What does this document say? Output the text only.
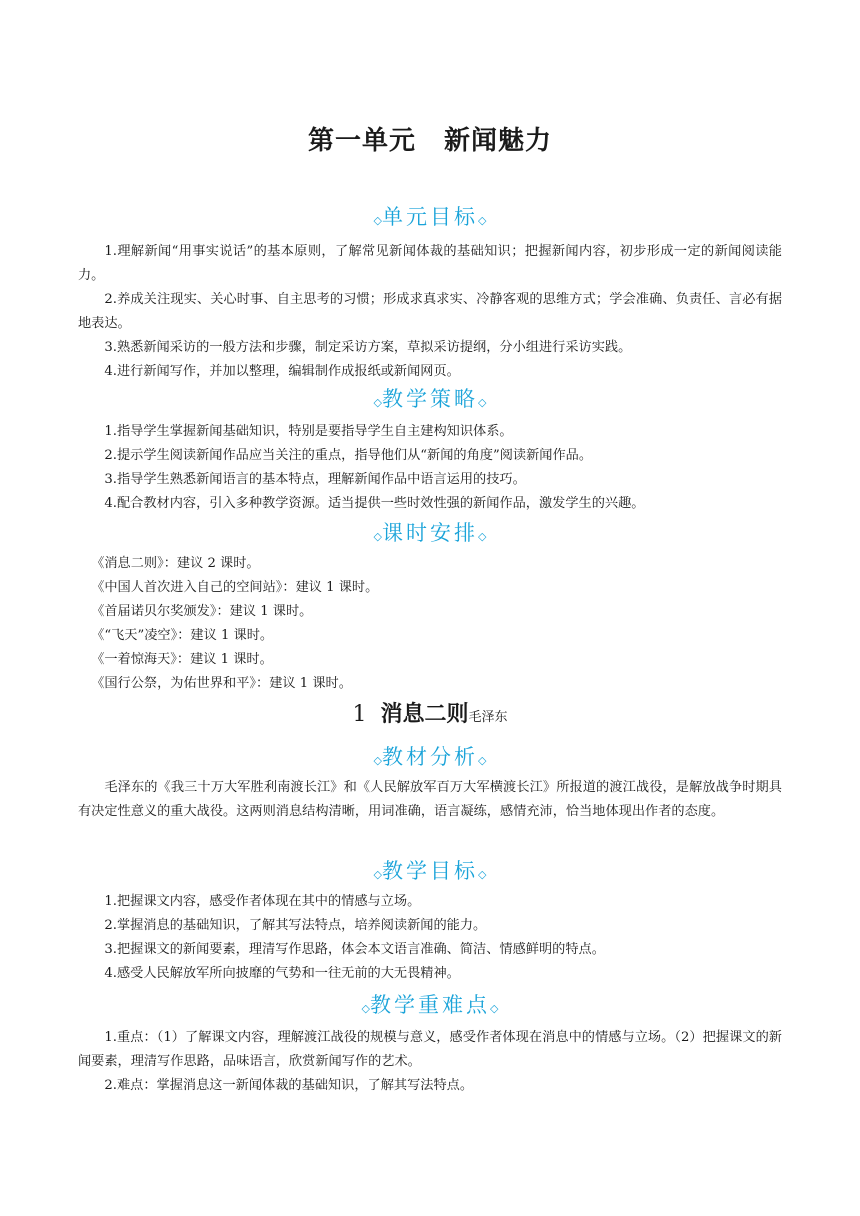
第一单元 新闻魅力
◇单元目标◇

1.理解新闻“用事实说话”的基本原则，了解常见新闻体裁的基础知识；把握新闻内容，初步形成一定的新闻阅读能力。

2.养成关注现实、关心时事、自主思考的习惯；形成求真求实、冷静客观的思维方式；学会准确、负责任、言必有据地表达。

3.熟悉新闻采访的一般方法和步骤，制定采访方案，草拟采访提纲，分小组进行采访实践。

4.进行新闻写作，并加以整理，编辑制作成报纸或新闻网页。

◇教学策略◇

1.指导学生掌握新闻基础知识，特别是要指导学生自主建构知识体系。

2.提示学生阅读新闻作品应当关注的重点，指导他们从“新闻的角度”阅读新闻作品。

3.指导学生熟悉新闻语言的基本特点，理解新闻作品中语言运用的技巧。

4.配合教材内容，引入多种教学资源。适当提供一些时效性强的新闻作品，激发学生的兴趣。

◇课时安排◇

《消息二则》：建议 2 课时。

《中国人首次进入自己的空间站》：建议 1 课时。

《首届诺贝尔奖颁发》：建议 1 课时。

《“飞天”凌空》：建议 1 课时。

《一着惊海天》：建议 1 课时。

《国行公祭，为佑世界和平》：建议 1 课时。

1 消息二则毛泽东
◇教材分析◇

毛泽东的《我三十万大军胜利南渡长江》和《人民解放军百万大军横渡长江》所报道的渡江战役，是解放战争时期具有决定性意义的重大战役。这两则消息结构清晰，用词准确，语言凝练，感情充沛，恰当地体现出作者的态度。

◇教学目标◇

1.把握课文内容，感受作者体现在其中的情感与立场。

2.掌握消息的基础知识，了解其写法特点，培养阅读新闻的能力。

3.把握课文的新闻要素，理清写作思路，体会本文语言准确、简洁、情感鲜明的特点。

4.感受人民解放军所向披靡的气势和一往无前的大无畏精神。

◇教学重难点◇

1.重点：（1）了解课文内容，理解渡江战役的规模与意义，感受作者体现在消息中的情感与立场。（2）把握课文的新闻要素，理清写作思路，品味语言，欣赏新闻写作的艺术。

2.难点：掌握消息这一新闻体裁的基础知识，了解其写法特点。
